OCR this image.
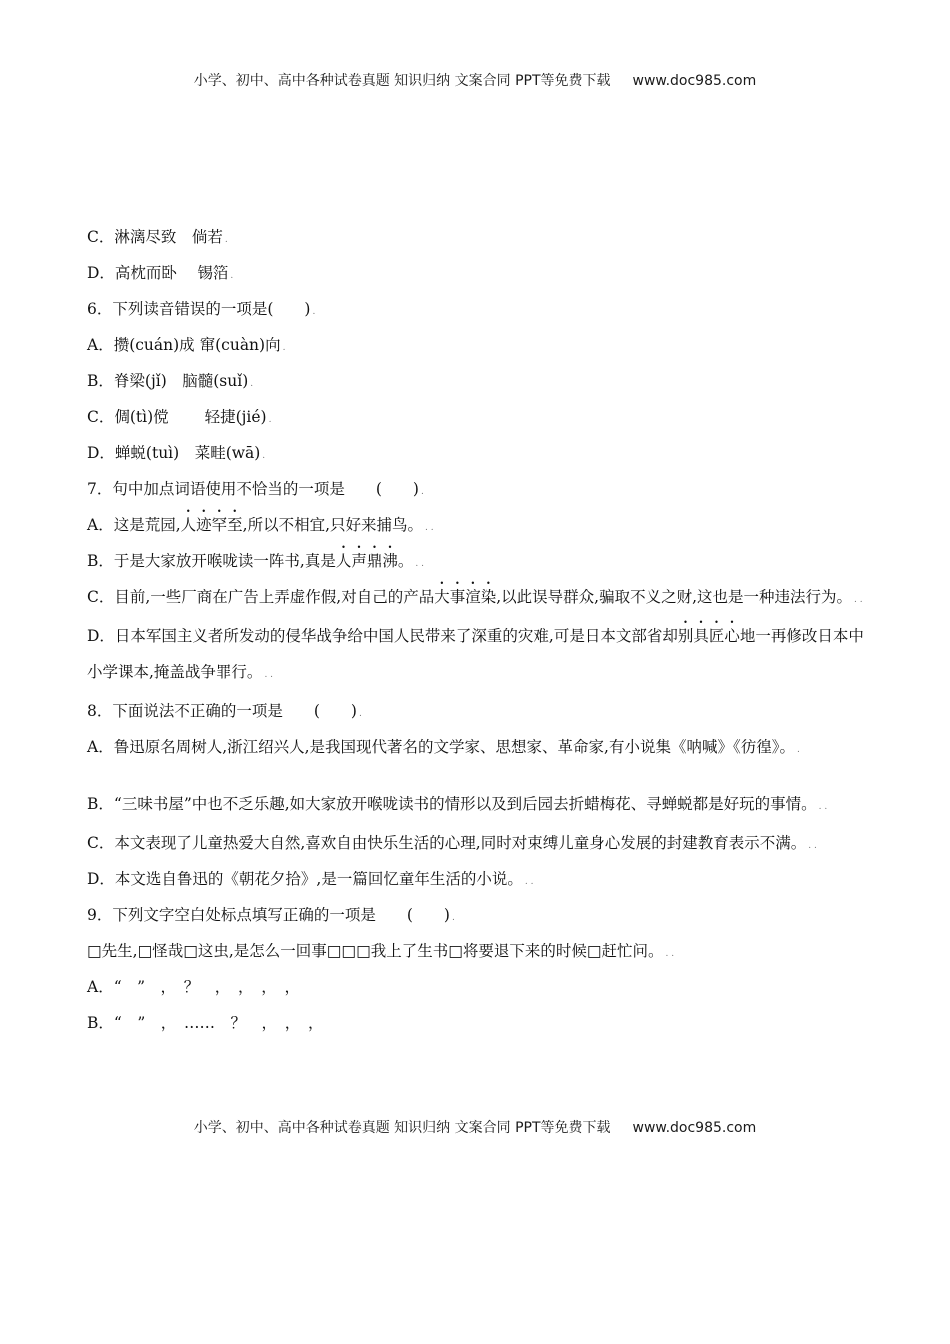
小学、初中、高中各种试卷真题 知识归纳 文案合同 PPT等免费下载 www.doc985.com
C．淋漓尽致　倘若 .
D．高枕而卧　 锡箔 .
6．下列读音错误的一项是(　　) .
A．攒(cuán)成 窜(cuàn)向 .
B．脊梁(jǐ)　脑髓(suǐ) .
C．倜(tì)傥　　 轻捷(jié) .
D．蝉蜕(tuì)　菜畦(wā) .
7．句中加点词语使用不恰当的一项是　　(　　) .
A．这是荒园,人迹罕至,所以不相宜,只好来捕鸟。 . .
B．于是大家放开喉咙读一阵书,真是人声鼎沸。 . .
C．目前,一些厂商在广告上弄虚作假,对自己的产品大事渲染,以此误导群众,骗取不义之财,这也是一种违法行为。 . .
D．日本军国主义者所发动的侵华战争给中国人民带来了深重的灾难,可是日本文部省却别具匠心地一再修改日本中小学课本,掩盖战争罪行。 . .
8．下面说法不正确的一项是　　(　　) .
A．鲁迅原名周树人,浙江绍兴人,是我国现代著名的文学家、思想家、革命家,有小说集《呐喊》《彷徨》。 .
B．“三味书屋”中也不乏乐趣,如大家放开喉咙读书的情形以及到后园去折蜡梅花、寻蝉蜕都是好玩的事情。 . .
C．本文表现了儿童热爱大自然,喜欢自由快乐生活的心理,同时对束缚儿童身心发展的封建教育表示不满。 . .
D．本文选自鲁迅的《朝花夕拾》,是一篇回忆童年生活的小说。 . .
9．下列文字空白处标点填写正确的一项是　　(　　) .
□先生,□怪哉□这虫,是怎么一回事□□□我上了生书□将要退下来的时候□赶忙问。 . .
A．“　”　，　？　，　，　，　，
B．“　”　，　……　？　，　，　，
小学、初中、高中各种试卷真题 知识归纳 文案合同 PPT等免费下载 www.doc985.com
